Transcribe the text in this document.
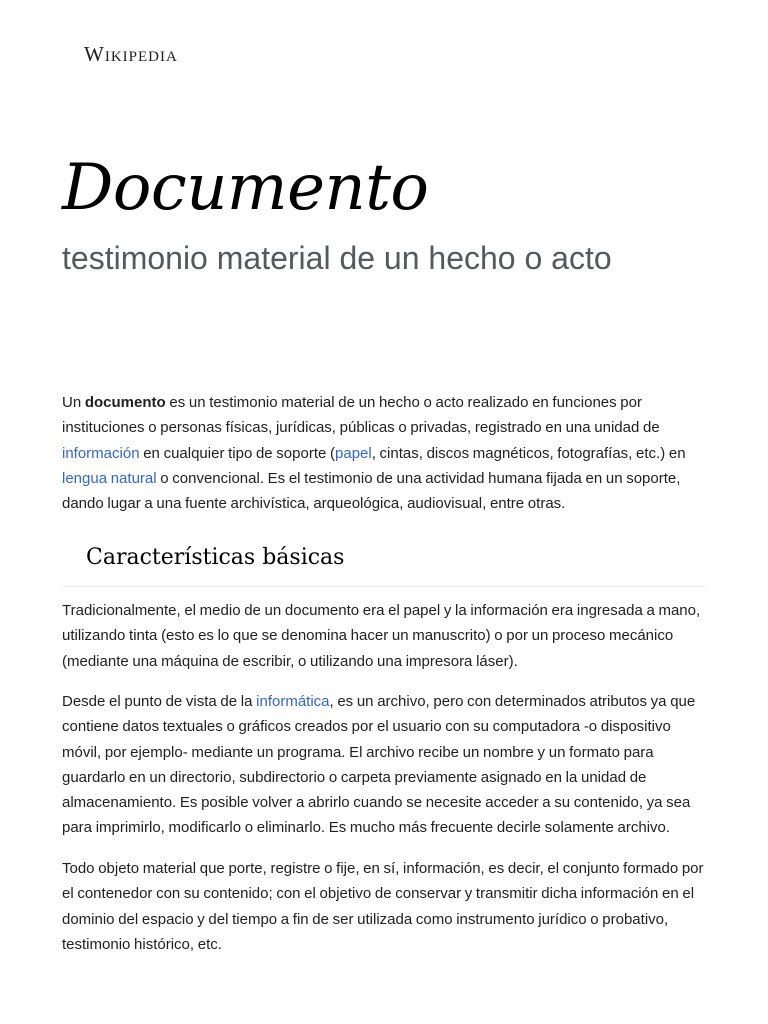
Wikipedia
Documento
testimonio material de un hecho o acto

Un documento es un testimonio material de un hecho o acto realizado en funciones por instituciones o personas físicas, jurídicas, públicas o privadas, registrado en una unidad de información en cualquier tipo de soporte (papel, cintas, discos magnéticos, fotografías, etc.) en lengua natural o convencional. Es el testimonio de una actividad humana fijada en un soporte, dando lugar a una fuente archivística, arqueológica, audiovisual, entre otras.

Características básicas

Tradicionalmente, el medio de un documento era el papel y la información era ingresada a mano, utilizando tinta (esto es lo que se denomina hacer un manuscrito) o por un proceso mecánico (mediante una máquina de escribir, o utilizando una impresora láser).

Desde el punto de vista de la informática, es un archivo, pero con determinados atributos ya que contiene datos textuales o gráficos creados por el usuario con su computadora -o dispositivo móvil, por ejemplo- mediante un programa. El archivo recibe un nombre y un formato para guardarlo en un directorio, subdirectorio o carpeta previamente asignado en la unidad de almacenamiento. Es posible volver a abrirlo cuando se necesite acceder a su contenido, ya sea para imprimirlo, modificarlo o eliminarlo. Es mucho más frecuente decirle solamente archivo.

Todo objeto material que porte, registre o fije, en sí, información, es decir, el conjunto formado por el contenedor con su contenido; con el objetivo de conservar y transmitir dicha información en el dominio del espacio y del tiempo a fin de ser utilizada como instrumento jurídico o probativo, testimonio histórico, etc.
